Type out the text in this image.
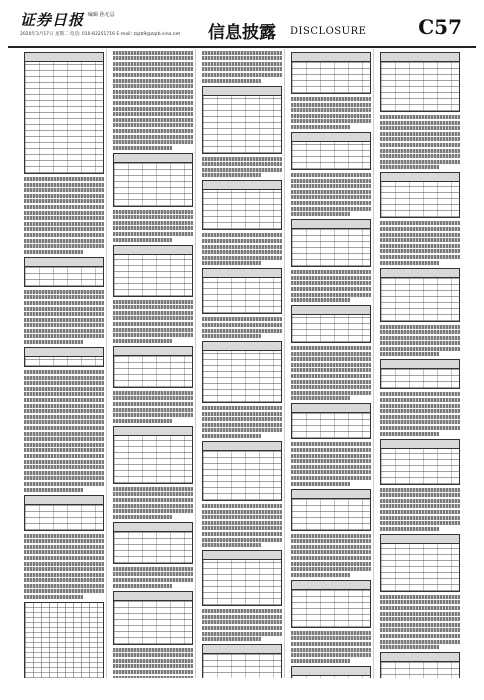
证券日报 编辑 孙无忌
2020年3月17日 星期二 电话: 010-83251716 E-mail: zqrb9@zqrb.sina.net 信息披露 DISCLOSURE	C57
